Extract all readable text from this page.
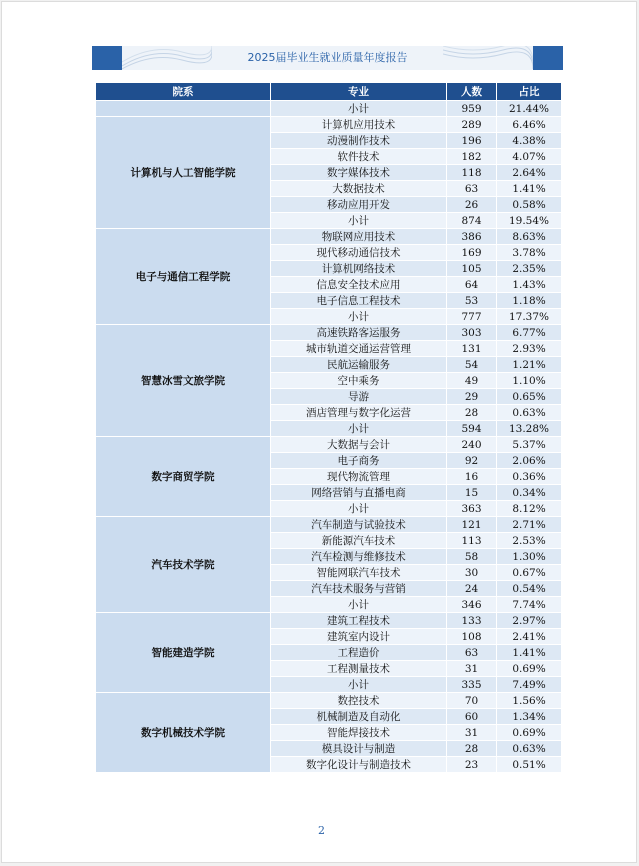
2025届毕业生就业质量年度报告
院系	专业	人数	占比
	小计	959	21.44%
计算机与人工智能学院	计算机应用技术	289	6.46%
	动漫制作技术	196	4.38%
	软件技术	182	4.07%
	数字媒体技术	118	2.64%
	大数据技术	63	1.41%
	移动应用开发	26	0.58%
	小计	874	19.54%
电子与通信工程学院	物联网应用技术	386	8.63%
	现代移动通信技术	169	3.78%
	计算机网络技术	105	2.35%
	信息安全技术应用	64	1.43%
	电子信息工程技术	53	1.18%
	小计	777	17.37%
智慧冰雪文旅学院	高速铁路客运服务	303	6.77%
	城市轨道交通运营管理	131	2.93%
	民航运输服务	54	1.21%
	空中乘务	49	1.10%
	导游	29	0.65%
	酒店管理与数字化运营	28	0.63%
	小计	594	13.28%
数字商贸学院	大数据与会计	240	5.37%
	电子商务	92	2.06%
	现代物流管理	16	0.36%
	网络营销与直播电商	15	0.34%
	小计	363	8.12%
汽车技术学院	汽车制造与试验技术	121	2.71%
	新能源汽车技术	113	2.53%
	汽车检测与维修技术	58	1.30%
	智能网联汽车技术	30	0.67%
	汽车技术服务与营销	24	0.54%
	小计	346	7.74%
智能建造学院	建筑工程技术	133	2.97%
	建筑室内设计	108	2.41%
	工程造价	63	1.41%
	工程测量技术	31	0.69%
	小计	335	7.49%
数字机械技术学院	数控技术	70	1.56%
	机械制造及自动化	60	1.34%
	智能焊接技术	31	0.69%
	模具设计与制造	28	0.63%
	数字化设计与制造技术	23	0.51%
2
